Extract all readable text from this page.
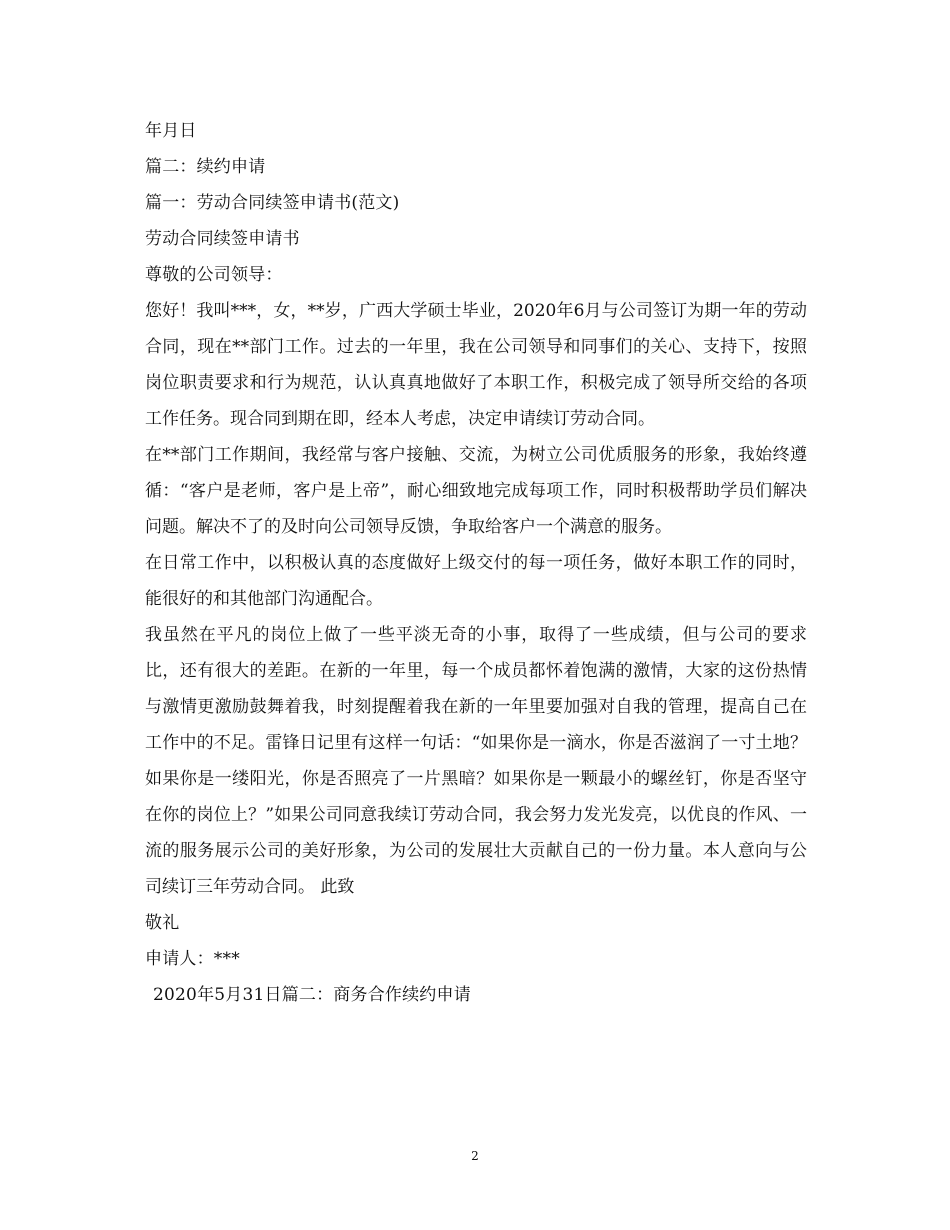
年月日
篇二：续约申请
篇一：劳动合同续签申请书(范文)
劳动合同续签申请书
尊敬的公司领导：
您好！我叫***，女，**岁，广西大学硕士毕业，2020年6月与公司签订为期一年的劳动合同，现在**部门工作。过去的一年里，我在公司领导和同事们的关心、支持下，按照岗位职责要求和行为规范，认认真真地做好了本职工作，积极完成了领导所交给的各项工作任务。现合同到期在即，经本人考虑，决定申请续订劳动合同。
在**部门工作期间，我经常与客户接触、交流，为树立公司优质服务的形象，我始终遵循：“客户是老师，客户是上帝”，耐心细致地完成每项工作，同时积极帮助学员们解决问题。解决不了的及时向公司领导反馈，争取给客户一个满意的服务。
在日常工作中，以积极认真的态度做好上级交付的每一项任务，做好本职工作的同时，能很好的和其他部门沟通配合。
我虽然在平凡的岗位上做了一些平淡无奇的小事，取得了一些成绩，但与公司的要求比，还有很大的差距。在新的一年里，每一个成员都怀着饱满的激情，大家的这份热情与激情更激励鼓舞着我，时刻提醒着我在新的一年里要加强对自我的管理，提高自己在工作中的不足。雷锋日记里有这样一句话：“如果你是一滴水，你是否滋润了一寸土地？如果你是一缕阳光，你是否照亮了一片黑暗？如果你是一颗最小的螺丝钉，你是否坚守在你的岗位上？”如果公司同意我续订劳动合同，我会努力发光发亮，以优良的作风、一流的服务展示公司的美好形象，为公司的发展壮大贡献自己的一份力量。本人意向与公司续订三年劳动合同。 此致
敬礼
申请人：***
2020年5月31日篇二：商务合作续约申请
2
